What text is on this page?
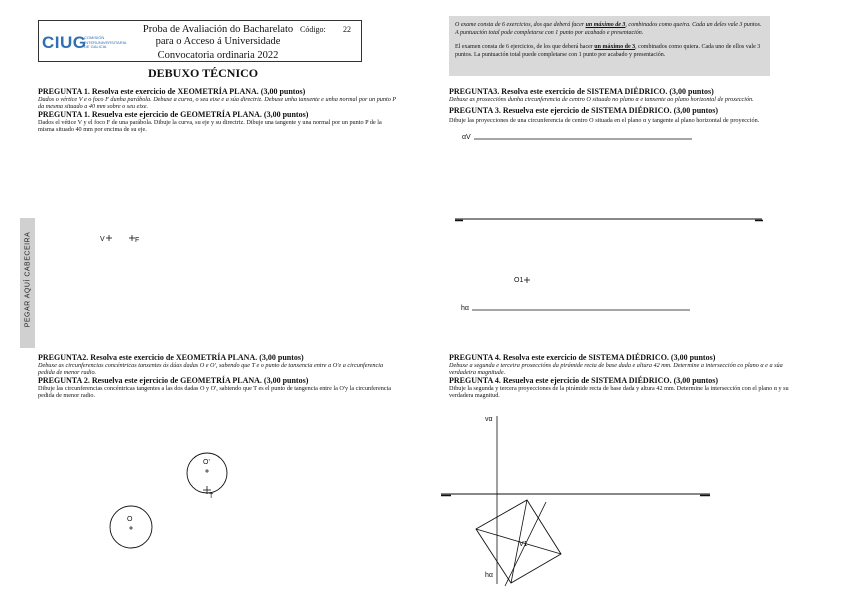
CIUG
COMISIÓN INTERUNIVERSITARIA DE GALICIA
Proba de Avaliación do Bacharelato
para o Acceso á Universidade
Convocatoria ordinaria 2022
Código: 22
DEBUXO TÉCNICO

O exame consta de 6 exercicios, dos que deberá facer un máximo de 3, combinados como queira. Cada un deles vale 3 puntos. A puntuación total pode completarse con 1 punto por acabado e presentación.

El examen consta de 6 ejercicios, de los que deberá hacer un máximo de 3, combinados como quiera. Cada uno de ellos vale 3 puntos. La puntuación total puede completarse con 1 punto por acabado y presentación.

PEGAR AQUÍ CABECEIRA
PREGUNTA 1. Resolva este exercicio de XEOMETRÍA PLANA. (3,00 puntos)
Dados o vértice V e o foco F dunha parábola. Debuxe a curva, o seu eixe e a súa directriz. Debuxe unha tanxente e unha normal por un punto P da mesma situado a 40 mm sobre o seu eixe.
PREGUNTA 1. Resuelva este ejercicio de GEOMETRÍA PLANA. (3,00 puntos)
Dados el vétice V y el foco F de una parábola. Dibuje la curva, su eje y su directriz. Dibuje una tangente y una normal por un punto P de la misma situado 40 mm por encima de su eje.
PREGUNTA2. Resolva este exercicio de XEOMETRÍA PLANA. (3,00 puntos)
Debuxe as circunferencias concéntricas tanxentes ás dúas dadas O e O', sabendo que T e o punto de tanxencia entre a O'e a circunferencia pedida de menor radio.
PREGUNTA 2. Resuelva este ejercicio de GEOMETRÍA PLANA. (3,00 puntos)
Dibuje las circunferencias concéntricas tangentes a las dos dadas O y O', sabiendo que T es el punto de tangencia entre la O'y la circunferencia pedida de menor radio.
PREGUNTA3. Resolva este exercicio de SISTEMA DIÉDRICO. (3,00 puntos)
Debuxe as proxeccións dunha circunferencia de centro O situado no plano α e tanxente ao plano horizontal de proxección.
PREGUNTA 3. Resuelva este ejercicio de SISTEMA DIÉDRICO. (3,00 puntos)
Dibuje las proyecciones de una circunferencia de centro O situada en el plano α y tangente al plano horizontal de proyección.
PREGUNTA 4. Resolva este exercicio de SISTEMA DIÉDRICO. (3,00 puntos)
Debuxe a segunda e terceira proxeccións da pirámide recta de base dada e altura 42 mm. Determine a intersección co plano α e a súa verdadeira magnitude.
PREGUNTA 4. Resuelva este ejercicio de SISTEMA DIÉDRICO. (3,00 puntos)
Dibuje la segunda y tercera proyecciones de la pirámide recta de base dada y altura 42 mm. Determine la intersección con el plano α y su verdadera magnitud.
V	F
O
O'
T
αV
hα
O1
vα
hα
V1
